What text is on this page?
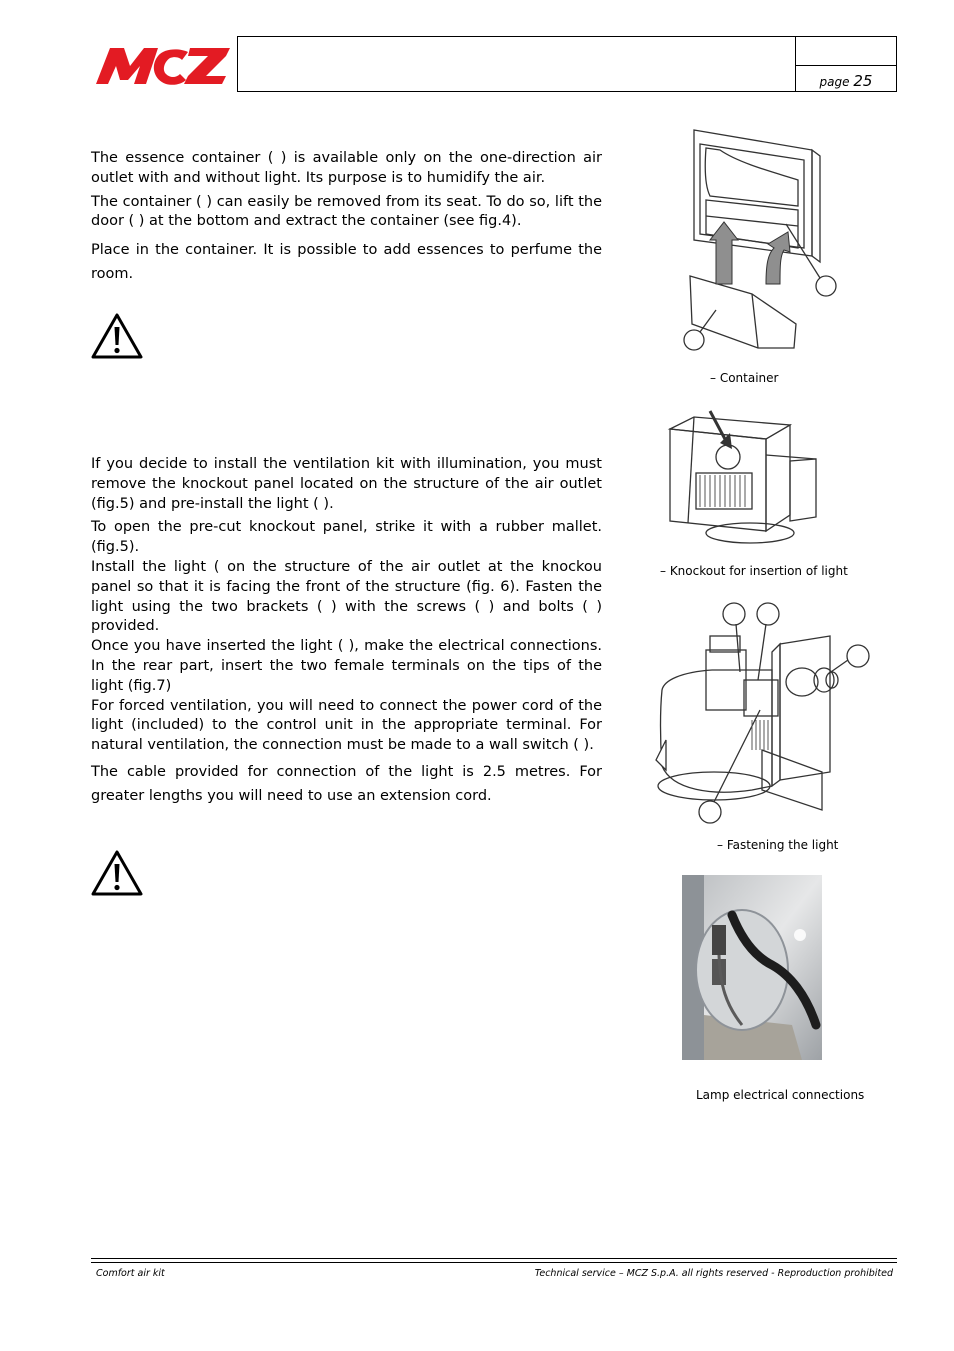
page 25

The essence container ( ) is available only on the one-direction air outlet with and without light. Its purpose is to humidify the air.

The container ( ) can easily be removed from its seat. To do so, lift the door ( ) at the bottom and extract the container (see fig.4).

Place in the container. It is possible to add essences to perfume the room.

If you decide to install the ventilation kit with illumination, you must remove the knockout panel located on the structure of the air outlet (fig.5) and pre-install the light ( ).

To open the pre-cut knockout panel, strike it with a rubber mallet. (fig.5).

Install the light ( on the structure of the air outlet at the knockou panel so that it is facing the front of the structure (fig. 6). Fasten the light using the two brackets ( ) with the screws ( ) and bolts ( ) provided.

Once you have inserted the light ( ), make the electrical connections. In the rear part, insert the two female terminals on the tips of the light (fig.7)

For forced ventilation, you will need to connect the power cord of the light (included) to the control unit in the appropriate terminal. For natural ventilation, the connection must be made to a wall switch ( ).

The cable provided for connection of the light is 2.5 metres. For greater lengths you will need to use an extension cord.

– Container
– Knockout for insertion of light
– Fastening the light
Lamp electrical connections
Comfort air kit	Technical service – MCZ S.p.A. all rights reserved - Reproduction prohibited
